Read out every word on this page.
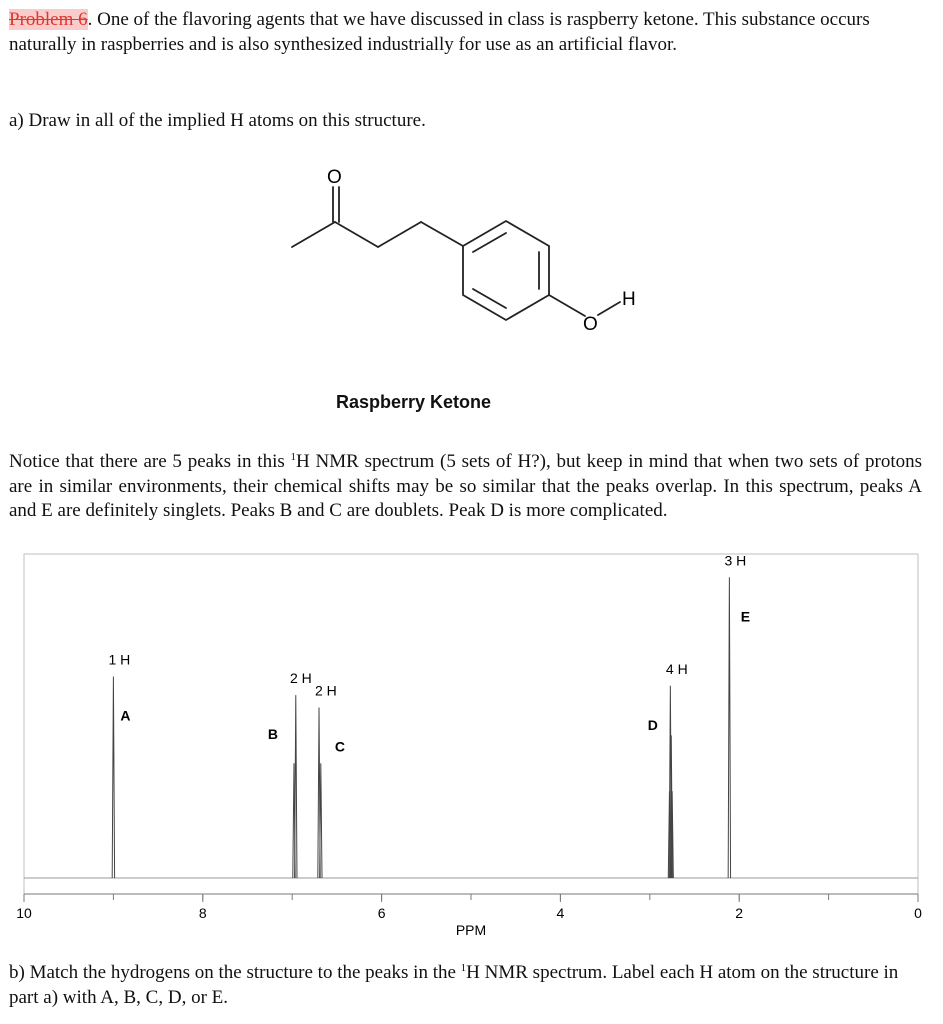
Problem 6. One of the flavoring agents that we have discussed in class is raspberry ketone. This substance occurs naturally in raspberries and is also synthesized industrially for use as an artificial flavor.

a) Draw in all of the implied H atoms on this structure.

O
O
H
Raspberry Ketone

Notice that there are 5 peaks in this $^1$H NMR spectrum (5 sets of H?), but keep in mind that when two sets of protons are in similar environments, their chemical shifts may be so similar that the peaks overlap. In this spectrum, peaks A and E are definitely singlets. Peaks B and C are doublets. Peak D is more complicated.

10	8	6	4	2	0
1 H
A
2 H
B
2 H
C
4 H
D
3 H
E
PPM

b) Match the hydrogens on the structure to the peaks in the $^1$H NMR spectrum. Label each H atom on the structure in part a) with A, B, C, D, or E.
